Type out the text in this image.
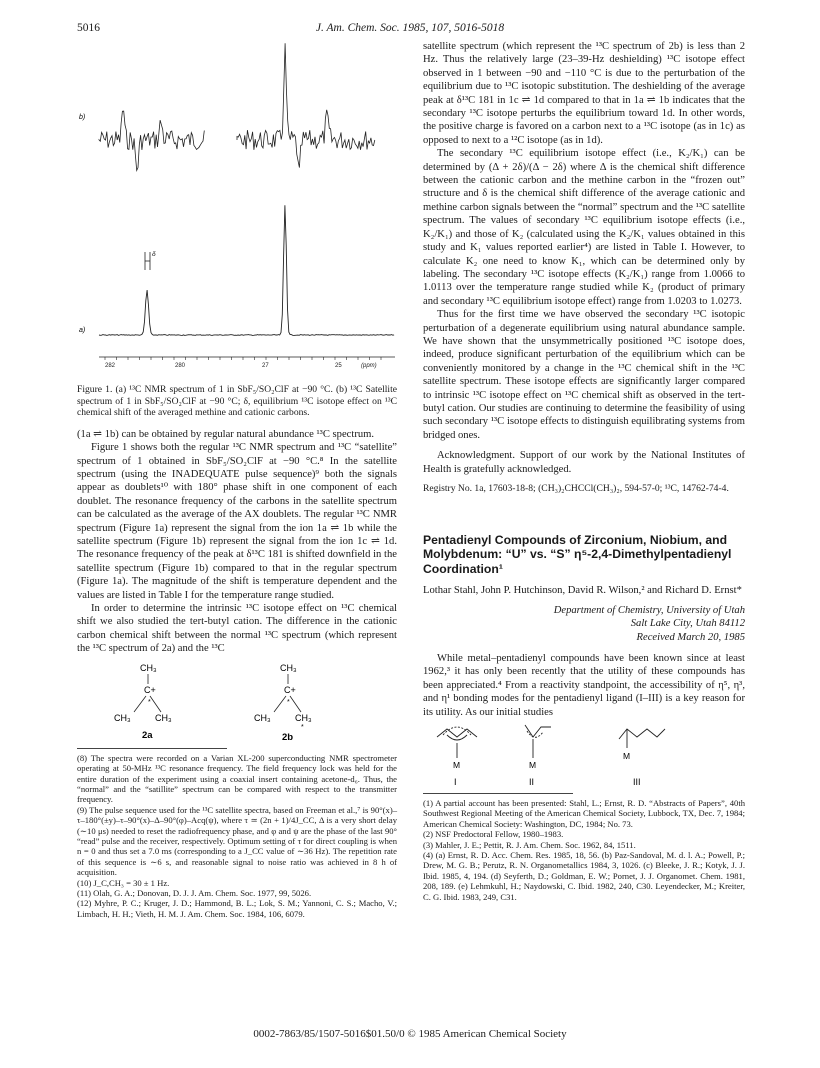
5016	J. Am. Chem. Soc. 1985, 107, 5016-5018
b)
a)
δ
282	280	27	25	(ppm)

Figure 1. (a) ¹³C NMR spectrum of 1 in SbF₅/SO₂ClF at −90 °C. (b) ¹³C Satellite spectrum of 1 in SbF₅/SO₂ClF at −90 °C; δ, equilibrium ¹³C isotope effect on ¹³C chemical shift of the averaged methine and cationic carbons.

(1a ⇌ 1b) can be obtained by regular natural abundance ¹³C spectrum.

Figure 1 shows both the regular ¹³C NMR spectrum and ¹³C “satellite” spectrum of 1 obtained in SbF₅/SO₂ClF at −90 °C.⁸ In the satellite spectrum (using the INADEQUATE pulse sequence)⁹ both the signals appear as doublets¹⁰ with 180° phase shift in one component of each doublet. The resonance frequency of the carbons in the satellite spectrum can be calculated as the average of the AX doublets. The regular ¹³C NMR spectrum (Figure 1a) represent the signal from the ion 1a ⇌ 1b while the satellite spectrum (Figure 1b) represent the signal from the ion 1c ⇌ 1d. The resonance frequency of the peak at δ¹³C 181 is shifted downfield in the satellite spectrum (Figure 1b) compared to that in the regular spectrum (Figure 1a). The magnitude of the shift is temperature dependent and the values are listed in Table I for the temperature range studied.

In order to determine the intrinsic ¹³C isotope effect on ¹³C chemical shift we also studied the tert-butyl cation. The difference in the cationic carbon chemical shift between the normal ¹³C spectrum (which represent the ¹³C spectrum of 2a) and the ¹³C

CH₃
C+
*
CH₃	CH₃
2a
CH₃
C+
*
CH₃	CH₃
*
2b

(8) The spectra were recorded on a Varian XL-200 superconducting NMR spectrometer operating at 50-MHz ¹³C resonance frequency. The field frequency lock was held for the entire duration of the experiment using a coaxial insert containing acetone-d₆. Thus, the “normal” and the “satillite” spectrum can be compared with respect to the transmitter frequency.

(9) The pulse sequence used for the ¹³C satellite spectra, based on Freeman et al.,⁷ is 90°(x)–τ–180°(±y)–τ–90°(x)–Δ–90°(φ)–Acq(ψ), where τ ≃ (2n + 1)/4J_CC, Δ is a very short delay (∼10 μs) needed to reset the radiofrequency phase, and φ and ψ are the phase of the last 90° “read” pulse and the receiver, respectively. Optimum setting of τ for direct coupling is when n = 0 and thus set a 7.0 ms (corresponding to a J_CC value of ∼36 Hz). The repetition rate of this sequence is ∼6 s, and reasonable signal to noise ratio was achieved in 8 h of acquisition.

(10) J_C,CH₃ = 30 ± 1 Hz.

(11) Olah, G. A.; Donovan, D. J. J. Am. Chem. Soc. 1977, 99, 5026.

(12) Myhre, P. C.; Kruger, J. D.; Hammond, B. L.; Lok, S. M.; Yannoni, C. S.; Macho, V.; Limbach, H. H.; Vieth, H. M. J. Am. Chem. Soc. 1984, 106, 6079.

satellite spectrum (which represent the ¹³C spectrum of 2b) is less than 2 Hz. Thus the relatively large (23–39-Hz deshielding) ¹³C isotope effect observed in 1 between −90 and −110 °C is due to the perturbation of the equilibrium due to ¹³C isotopic substitution. The deshielding of the average peak at δ¹³C 181 in 1c ⇌ 1d compared to that in 1a ⇌ 1b indicates that the secondary ¹³C isotope perturbs the equilibrium toward 1d. In other words, the positive charge is favored on a carbon next to a ¹³C isotope (as in 1c) as opposed to next to a ¹²C isotope (as in 1d).

The secondary ¹³C equilibrium isotope effect (i.e., K₂/K₁) can be determined by (Δ + 2δ)/(Δ − 2δ) where Δ is the chemical shift difference between the cationic carbon and the methine carbon in the “frozen out” structure and δ is the chemical shift difference of the average cationic and methine carbon signals between the “normal” spectrum and the ¹³C satellite spectrum. The values of secondary ¹³C equilibrium isotope effects (i.e., K₂/K₁) and those of K₂ (calculated using the K₂/K₁ values obtained in this study and K₁ values reported earlier⁴) are listed in Table I. However, to calculate K₂ one need to know K₁, which can be determined only by labeling. The secondary ¹³C isotope effects (K₂/K₁) range from 1.0066 to 1.0113 over the temperature range studied while K₂ (product of primary and secondary ¹³C equilibrium isotope effect) range from 1.0203 to 1.0273.

Thus for the first time we have observed the secondary ¹³C isotopic perturbation of a degenerate equilibrium using natural abundance sample. We have shown that the unsymmetrically positioned ¹³C isotope does, indeed, produce significant perturbation of the equilibrium which can be conveniently monitored by a change in the ¹³C chemical shift in the ¹³C satellite spectrum. These isotope effects are significantly larger compared to intrinsic ¹³C isotope effect on ¹³C chemical shift as observed in the tert-butyl cation. Our studies are continuing to determine the feasibility of using such secondary ¹³C isotope effects to distinguish equilibrating systems from bridged ones.

Acknowledgment. Support of our work by the National Institutes of Health is gratefully acknowledged.

Registry No. 1a, 17603-18-8; (CH₃)₂CHCCl(CH₃)₂, 594-57-0; ¹³C, 14762-74-4.

Pentadienyl Compounds of Zirconium, Niobium, and Molybdenum: “U” vs. “S” η⁵-2,4-Dimethylpentadienyl Coordination¹

Lothar Stahl, John P. Hutchinson, David R. Wilson,² and Richard D. Ernst*

Department of Chemistry, University of Utah

Salt Lake City, Utah 84112

Received March 20, 1985

While metal–pentadienyl compounds have been known since at least 1962,³ it has only been recently that the utility of these compounds has been appreciated.⁴ From a reactivity standpoint, the accessibility of η⁵, η³, and η¹ bonding modes for the pentadienyl ligand (I–III) is a key reason for its utility. As our initial studies

M
I
M
II
M
III

(1) A partial account has been presented: Stahl, L.; Ernst, R. D. “Abstracts of Papers”, 40th Southwest Regional Meeting of the American Chemical Society, Lubbock, TX, Dec. 7, 1984; American Chemical Society: Washington, DC, 1984; No. 73.

(2) NSF Predoctoral Fellow, 1980–1983.

(3) Mahler, J. E.; Pettit, R. J. Am. Chem. Soc. 1962, 84, 1511.

(4) (a) Ernst, R. D. Acc. Chem. Res. 1985, 18, 56. (b) Paz-Sandoval, M. d. l. A.; Powell, P.; Drew, M. G. B.; Perutz, R. N. Organometallics 1984, 3, 1026. (c) Bleeke, J. R.; Kotyk, J. J. Ibid. 1985, 4, 194. (d) Seyferth, D.; Goldman, E. W.; Pornet, J. J. Organomet. Chem. 1981, 208, 189. (e) Lehmkuhl, H.; Naydowski, C. Ibid. 1982, 240, C30. Leyendecker, M.; Kreiter, C. G. Ibid. 1983, 249, C31.

0002-7863/85/1507-5016$01.50/0 © 1985 American Chemical Society
